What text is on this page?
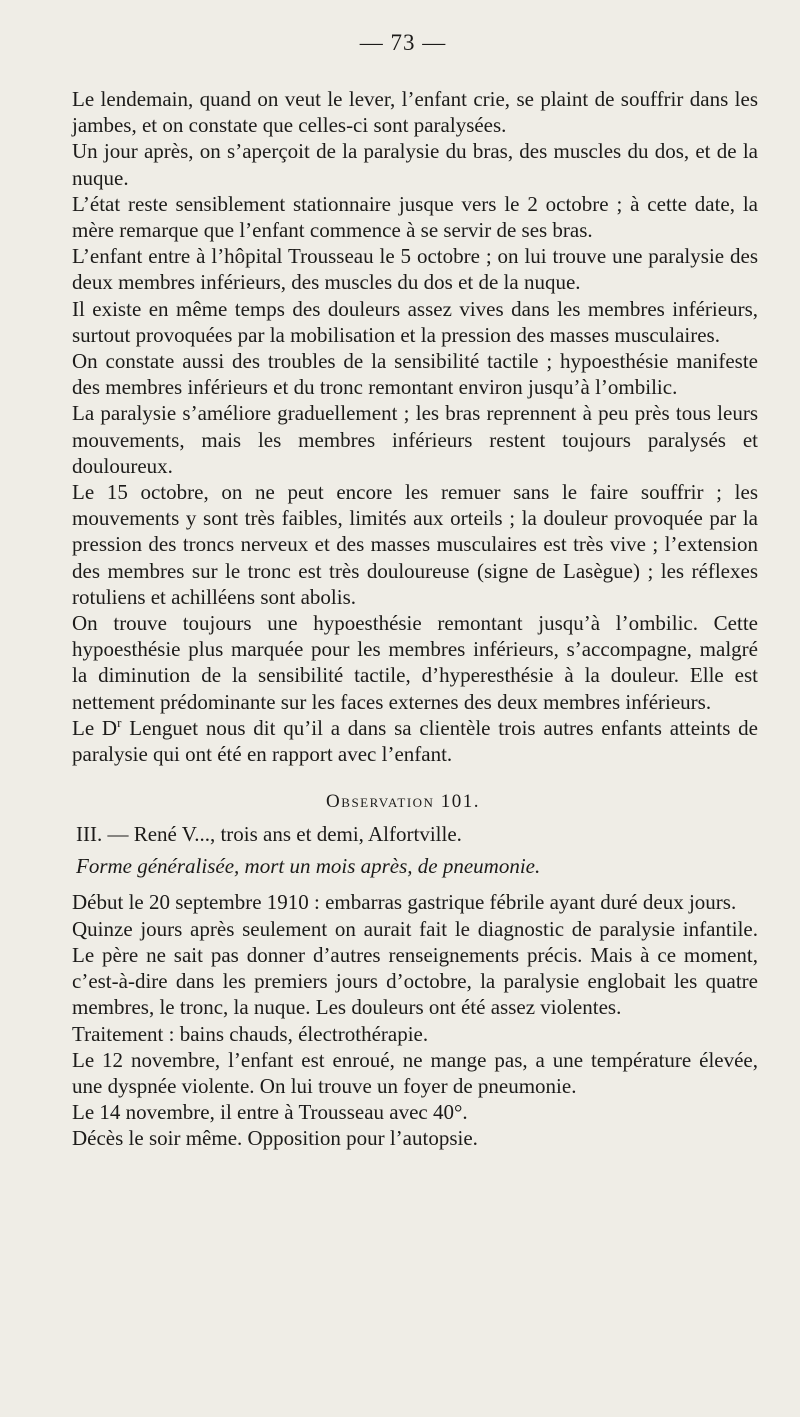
— 73 —

Le lendemain, quand on veut le lever, l’enfant crie, se plaint de souffrir dans les jambes, et on constate que celles-ci sont paralysées.

Un jour après, on s’aperçoit de la paralysie du bras, des muscles du dos, et de la nuque.

L’état reste sensiblement stationnaire jusque vers le 2 octobre ; à cette date, la mère remarque que l’enfant commence à se servir de ses bras.

L’enfant entre à l’hôpital Trousseau le 5 octobre ; on lui trouve une paralysie des deux membres inférieurs, des muscles du dos et de la nuque.

Il existe en même temps des douleurs assez vives dans les membres inférieurs, surtout provoquées par la mobilisation et la pression des masses musculaires.

On constate aussi des troubles de la sensibilité tactile ; hypoesthésie manifeste des membres inférieurs et du tronc remontant environ jusqu’à l’ombilic.

La paralysie s’améliore graduellement ; les bras reprennent à peu près tous leurs mouvements, mais les membres inférieurs restent toujours paralysés et douloureux.

Le 15 octobre, on ne peut encore les remuer sans le faire souffrir ; les mouvements y sont très faibles, limités aux orteils ; la douleur provoquée par la pression des troncs nerveux et des masses musculaires est très vive ; l’extension des membres sur le tronc est très douloureuse (signe de Lasègue) ; les réflexes rotuliens et achilléens sont abolis.

On trouve toujours une hypoesthésie remontant jusqu’à l’ombilic. Cette hypoesthésie plus marquée pour les membres inférieurs, s’accompagne, malgré la diminution de la sensibilité tactile, d’hyperesthésie à la douleur. Elle est nettement prédominante sur les faces externes des deux membres inférieurs.

Le $D^r$ Lenguet nous dit qu’il a dans sa clientèle trois autres enfants atteints de paralysie qui ont été en rapport avec l’enfant.

Observation 101.
III. — René V..., trois ans et demi, Alfortville.
Forme généralisée, mort un mois après, de pneumonie.

Début le 20 septembre 1910 : embarras gastrique fébrile ayant duré deux jours.

Quinze jours après seulement on aurait fait le diagnostic de paralysie infantile. Le père ne sait pas donner d’autres renseignements précis. Mais à ce moment, c’est-à-dire dans les premiers jours d’octobre, la paralysie englobait les quatre membres, le tronc, la nuque. Les douleurs ont été assez violentes.

Traitement : bains chauds, électrothérapie.

Le 12 novembre, l’enfant est enroué, ne mange pas, a une température élevée, une dyspnée violente. On lui trouve un foyer de pneumonie.

Le 14 novembre, il entre à Trousseau avec 40°.

Décès le soir même. Opposition pour l’autopsie.
